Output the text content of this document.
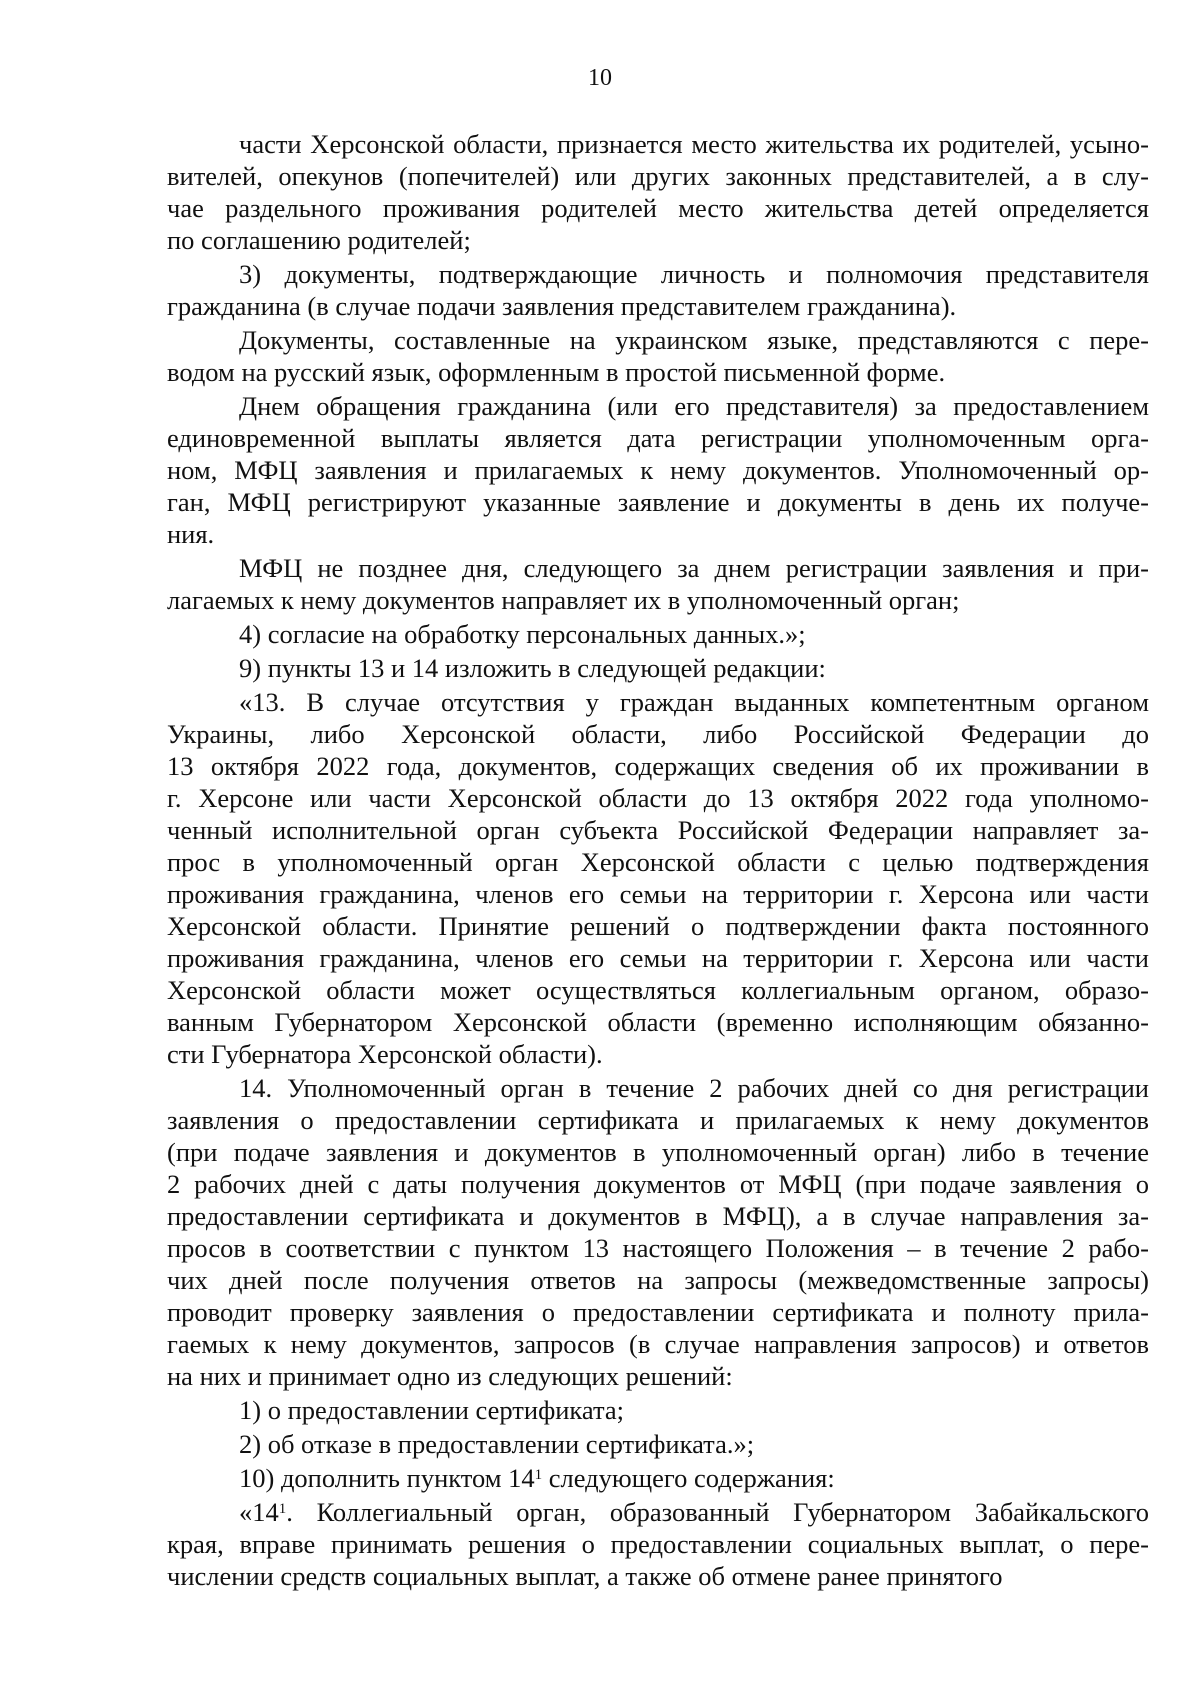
10
части Херсонской области, признается место жительства их родителей, усыно-
вителей, опекунов (попечителей) или других законных представителей, а в слу-
чае раздельного проживания родителей место жительства детей определяется
по соглашению родителей;
3) документы, подтверждающие личность и полномочия представителя
гражданина (в случае подачи заявления представителем гражданина).
Документы, составленные на украинском языке, представляются с пере-
водом на русский язык, оформленным в простой письменной форме.
Днем обращения гражданина (или его представителя) за предоставлением
единовременной выплаты является дата регистрации уполномоченным орга-
ном, МФЦ заявления и прилагаемых к нему документов. Уполномоченный ор-
ган, МФЦ регистрируют указанные заявление и документы в день их получе-
ния.
МФЦ не позднее дня, следующего за днем регистрации заявления и при-
лагаемых к нему документов направляет их в уполномоченный орган;
4) согласие на обработку персональных данных.»;
9) пункты 13 и 14 изложить в следующей редакции:
«13. В случае отсутствия у граждан выданных компетентным органом
Украины, либо Херсонской области, либо Российской Федерации до
13 октября 2022 года, документов, содержащих сведения об их проживании в
г. Херсоне или части Херсонской области до 13 октября 2022 года уполномо-
ченный исполнительной орган субъекта Российской Федерации направляет за-
прос в уполномоченный орган Херсонской области с целью подтверждения
проживания гражданина, членов его семьи на территории г. Херсона или части
Херсонской области. Принятие решений о подтверждении факта постоянного
проживания гражданина, членов его семьи на территории г. Херсона или части
Херсонской области может осуществляться коллегиальным органом, образо-
ванным Губернатором Херсонской области (временно исполняющим обязанно-
сти Губернатора Херсонской области).
14. Уполномоченный орган в течение 2 рабочих дней со дня регистрации
заявления о предоставлении сертификата и прилагаемых к нему документов
(при подаче заявления и документов в уполномоченный орган) либо в течение
2 рабочих дней с даты получения документов от МФЦ (при подаче заявления о
предоставлении сертификата и документов в МФЦ), а в случае направления за-
просов в соответствии с пунктом 13 настоящего Положения – в течение 2 рабо-
чих дней после получения ответов на запросы (межведомственные запросы)
проводит проверку заявления о предоставлении сертификата и полноту прила-
гаемых к нему документов, запросов (в случае направления запросов) и ответов
на них и принимает одно из следующих решений:
1) о предоставлении сертификата;
2) об отказе в предоставлении сертификата.»;
10) дополнить пунктом $14^1$ следующего содержания:
«$14^1$. Коллегиальный орган, образованный Губернатором Забайкальского
края, вправе принимать решения о предоставлении социальных выплат, о пере-
числении средств социальных выплат, а также об отмене ранее принятого
